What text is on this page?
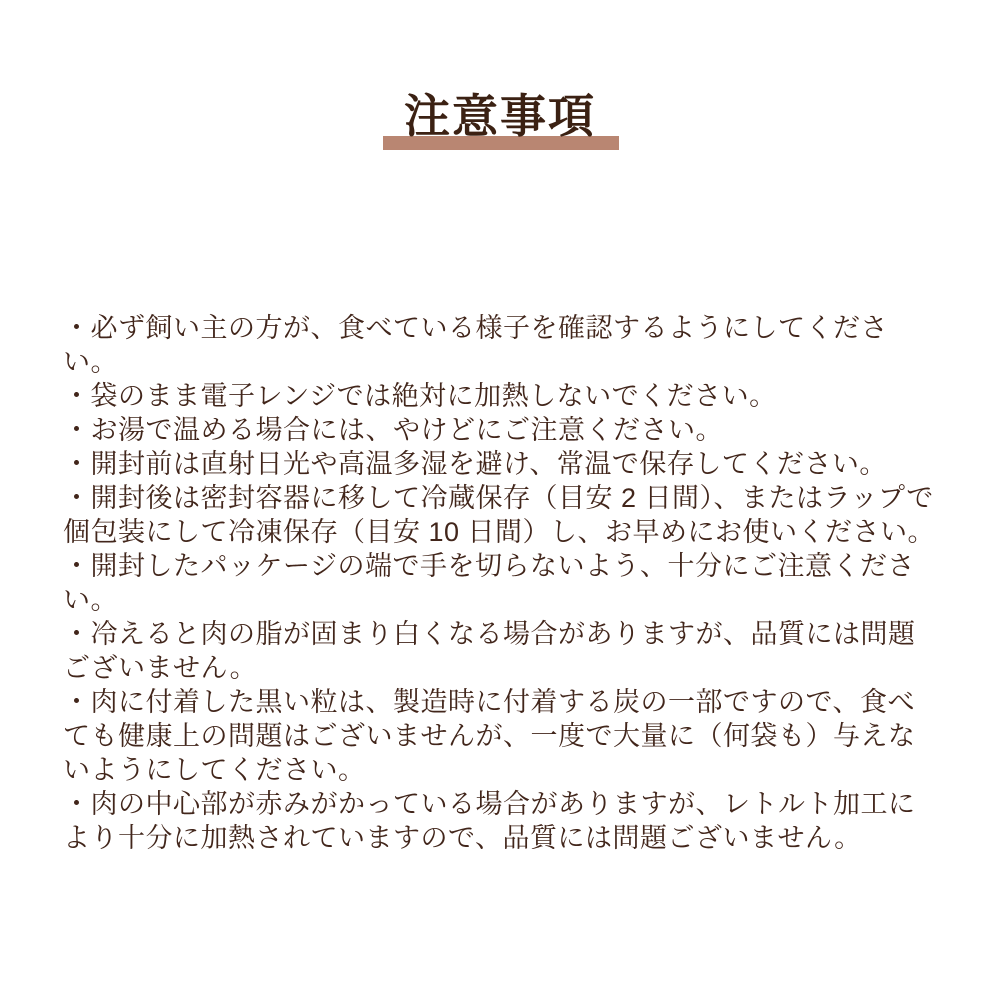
注意事項

・必ず飼い主の方が、食べている様子を確認するようにしてください。

・袋のまま電子レンジでは絶対に加熱しないでください。

・お湯で温める場合には、やけどにご注意ください。

・開封前は直射日光や高温多湿を避け、常温で保存してください。

・開封後は密封容器に移して冷蔵保存（目安 2 日間）、またはラップで個包装にして冷凍保存（目安 10 日間）し、お早めにお使いください。

・開封したパッケージの端で手を切らないよう、十分にご注意ください。

・冷えると肉の脂が固まり白くなる場合がありますが、品質には問題ございません。

・肉に付着した黒い粒は、製造時に付着する炭の一部ですので、食べても健康上の問題はございませんが、一度で大量に（何袋も）与えないようにしてください。

・肉の中心部が赤みがかっている場合がありますが、レトルト加工により十分に加熱されていますので、品質には問題ございません。
